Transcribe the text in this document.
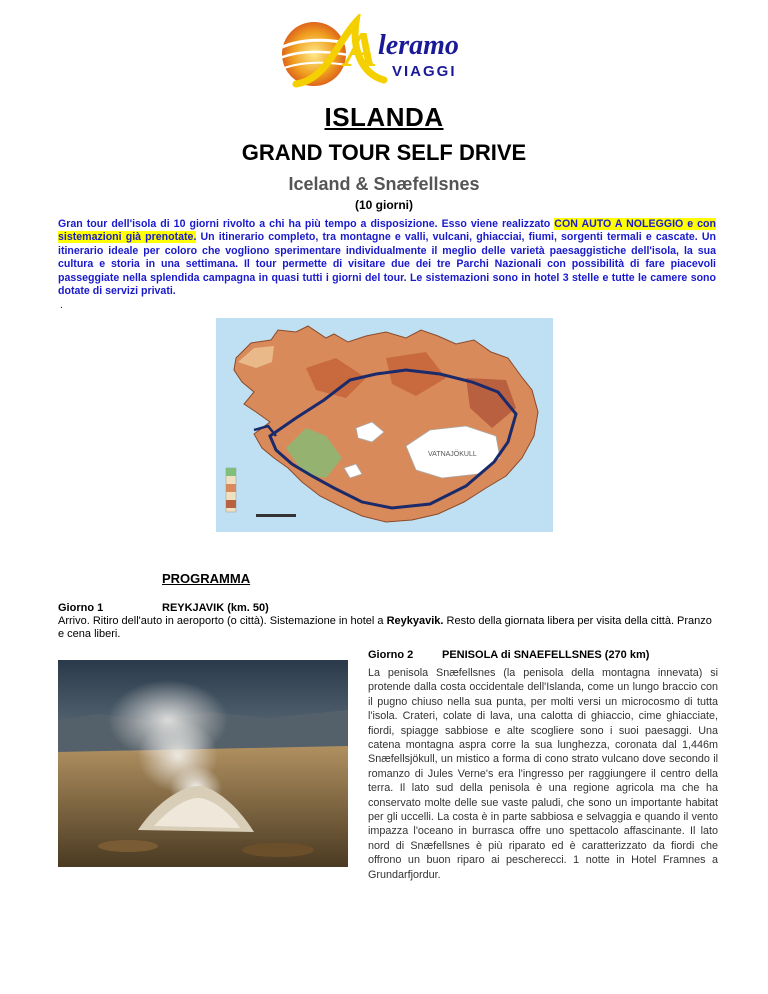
A leramo
VIAGGI
ISLANDA
GRAND TOUR SELF DRIVE
Iceland & Snæfellsnes
(10 giorni)

Gran tour dell'isola di 10 giorni rivolto a chi ha più tempo a disposizione. Esso viene realizzato CON AUTO A NOLEGGIO e con sistemazioni già prenotate. Un itinerario completo, tra montagne e valli, vulcani, ghiacciai, fiumi, sorgenti termali e cascate. Un itinerario ideale per coloro che vogliono sperimentare individualmente il meglio delle varietà paesaggistiche dell'isola, la sua cultura e storia in una settimana. Il tour permette di visitare due dei tre Parchi Nazionali con possibilità di fare piacevoli passeggiate nella splendida campagna in quasi tutti i giorni del tour. Le sistemazioni sono in hotel 3 stelle e tutte le camere sono dotate di servizi privati.

.
VATNAJÖKULL
PROGRAMMA
Giorno 1	REYKJAVIK (km. 50)

Arrivo. Ritiro dell'auto in aeroporto (o città). Sistemazione in hotel a Reykyavik. Resto della giornata libera per visita della città. Pranzo e cena liberi.

Giorno 2	PENISOLA di SNAEFELLSNES (270 km)

La penisola Snæfellsnes (la penisola della montagna innevata) si protende dalla costa occidentale dell'Islanda, come un lungo braccio con il pugno chiuso nella sua punta, per molti versi un microcosmo di tutta l'isola. Crateri, colate di lava, una calotta di ghiaccio, cime ghiacciate, fiordi, spiagge sabbiose e alte scogliere sono i suoi paesaggi. Una catena montagna aspra corre la sua lunghezza, coronata dal 1,446m Snæfellsjökull, un mistico a forma di cono strato vulcano dove secondo il romanzo di Jules Verne's era l'ingresso per raggiungere il centro della terra. Il lato sud della penisola è una regione agricola ma che ha conservato molte delle sue vaste paludi, che sono un importante habitat per gli uccelli. La costa è in parte sabbiosa e selvaggia e quando il vento impazza l'oceano in burrasca offre uno spettacolo affascinante. Il lato nord di Snæfellsnes è più riparato ed è caratterizzato da fiordi che offrono un buon riparo ai pescherecci. 1 notte in Hotel Framnes a Grundarfjordur.
